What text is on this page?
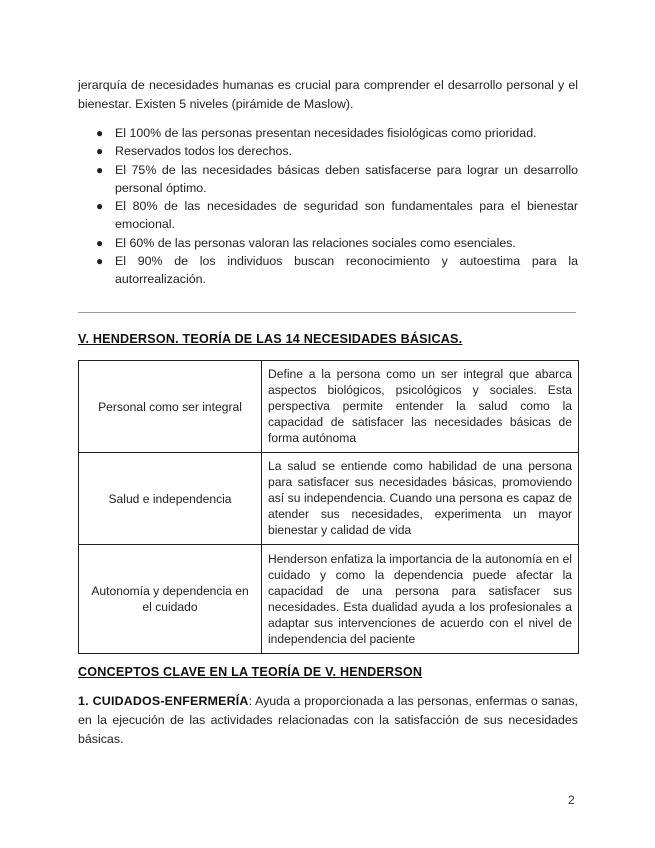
jerarquía de necesidades humanas es crucial para comprender el desarrollo personal y el bienestar. Existen 5 niveles (pirámide de Maslow).

● El 100% de las personas presentan necesidades fisiológicas como prioridad.
● Reservados todos los derechos.
● El 75% de las necesidades básicas deben satisfacerse para lograr un desarrollo personal óptimo.
● El 80% de las necesidades de seguridad son fundamentales para el bienestar emocional.
● El 60% de las personas valoran las relaciones sociales como esenciales.
● El 90% de los individuos buscan reconocimiento y autoestima para la autorrealización.
V. HENDERSON. TEORÍA DE LAS 14 NECESIDADES BÁSICAS.
Personal como ser integral	Define a la persona como un ser integral que abarca aspectos biológicos, psicológicos y sociales. Esta perspectiva permite entender la salud como la capacidad de satisfacer las necesidades básicas de forma autónoma
Salud e independencia	La salud se entiende como habilidad de una persona para satisfacer sus necesidades básicas, promoviendo así su independencia. Cuando una persona es capaz de atender sus necesidades, experimenta un mayor bienestar y calidad de vida
Autonomía y dependencia en el cuidado	Henderson enfatiza la importancia de la autonomía en el cuidado y como la dependencia puede afectar la capacidad de una persona para satisfacer sus necesidades. Esta dualidad ayuda a los profesionales a adaptar sus intervenciones de acuerdo con el nivel de independencia del paciente
CONCEPTOS CLAVE EN LA TEORÍA DE V. HENDERSON

1. CUIDADOS-ENFERMERÍA: Ayuda a proporcionada a las personas, enfermas o sanas, en la ejecución de las actividades relacionadas con la satisfacción de sus necesidades básicas.

2
